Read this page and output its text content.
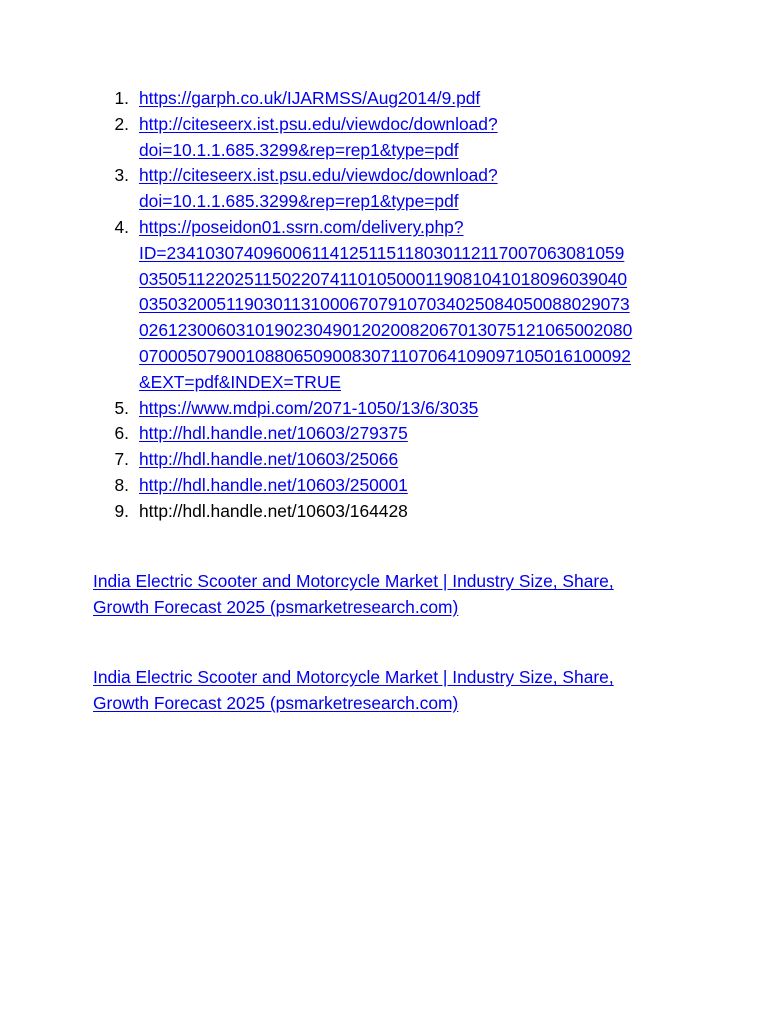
1. https://garph.co.uk/IJARMSS/Aug2014/9.pdf
2. http://citeseerx.ist.psu.edu/viewdoc/download?
doi=10.1.1.685.3299&rep=rep1&type=pdf
3. http://citeseerx.ist.psu.edu/viewdoc/download?
doi=10.1.1.685.3299&rep=rep1&type=pdf
4. https://poseidon01.ssrn.com/delivery.php?
ID=234103074096006114125115118030112117007063081059
035051122025115022074110105000119081041018096039040
035032005119030113100067079107034025084050088029073
026123006031019023049012020082067013075121065002080
070005079001088065090083071107064109097105016100092
&EXT=pdf&INDEX=TRUE
5. https://www.mdpi.com/2071-1050/13/6/3035
6. http://hdl.handle.net/10603/279375
7. http://hdl.handle.net/10603/25066
8. http://hdl.handle.net/10603/250001
9. http://hdl.handle.net/10603/164428
India Electric Scooter and Motorcycle Market | Industry Size, Share,
Growth Forecast 2025 (psmarketresearch.com)
India Electric Scooter and Motorcycle Market | Industry Size, Share,
Growth Forecast 2025 (psmarketresearch.com)
